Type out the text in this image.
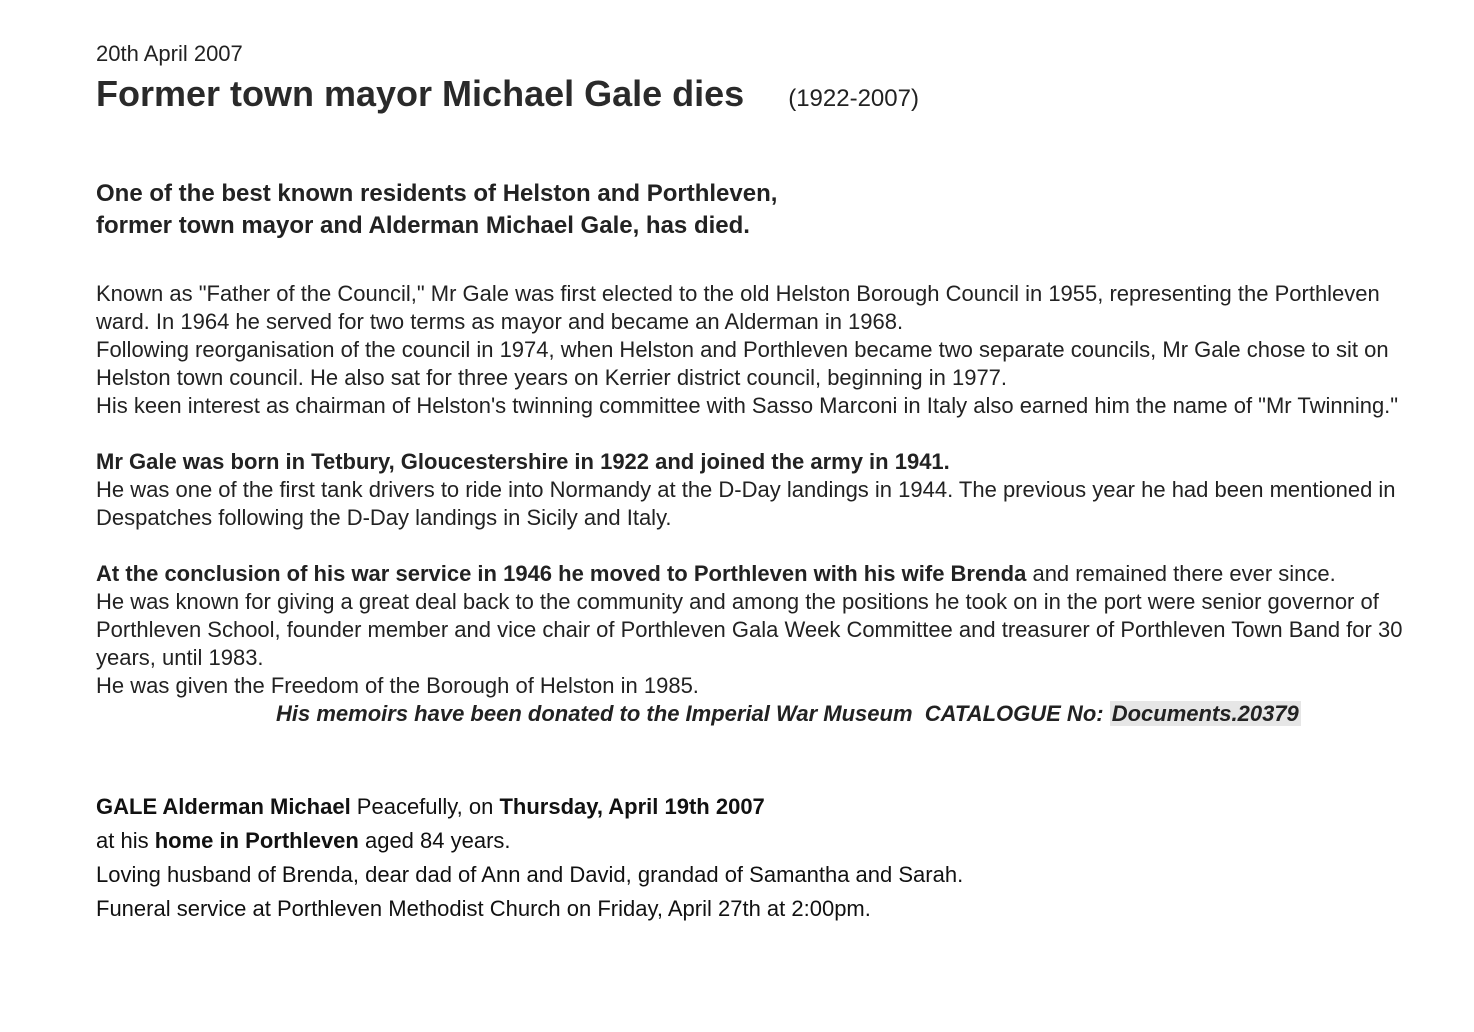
20th April 2007
Former town mayor Michael Gale dies (1922-2007)
One of the best known residents of Helston and Porthleven,
former town mayor and Alderman Michael Gale, has died.
Known as "Father of the Council," Mr Gale was first elected to the old Helston Borough Council in 1955, representing the Porthleven ward. In 1964 he served for two terms as mayor and became an Alderman in 1968.
Following reorganisation of the council in 1974, when Helston and Porthleven became two separate councils, Mr Gale chose to sit on Helston town council. He also sat for three years on Kerrier district council, beginning in 1977.
His keen interest as chairman of Helston's twinning committee with Sasso Marconi in Italy also earned him the name of "Mr Twinning."
Mr Gale was born in Tetbury, Gloucestershire in 1922 and joined the army in 1941.
He was one of the first tank drivers to ride into Normandy at the D-Day landings in 1944. The previous year he had been mentioned in Despatches following the D-Day landings in Sicily and Italy.
At the conclusion of his war service in 1946 he moved to Porthleven with his wife Brenda and remained there ever since.
He was known for giving a great deal back to the community and among the positions he took on in the port were senior governor of Porthleven School, founder member and vice chair of Porthleven Gala Week Committee and treasurer of Porthleven Town Band for 30 years, until 1983.
He was given the Freedom of the Borough of Helston in 1985.
His memoirs have been donated to the Imperial War Museum  CATALOGUE No: Documents.20379
GALE Alderman Michael Peacefully, on Thursday, April 19th 2007
at his home in Porthleven aged 84 years.
Loving husband of Brenda, dear dad of Ann and David, grandad of Samantha and Sarah.
Funeral service at Porthleven Methodist Church on Friday, April 27th at 2:00pm.
